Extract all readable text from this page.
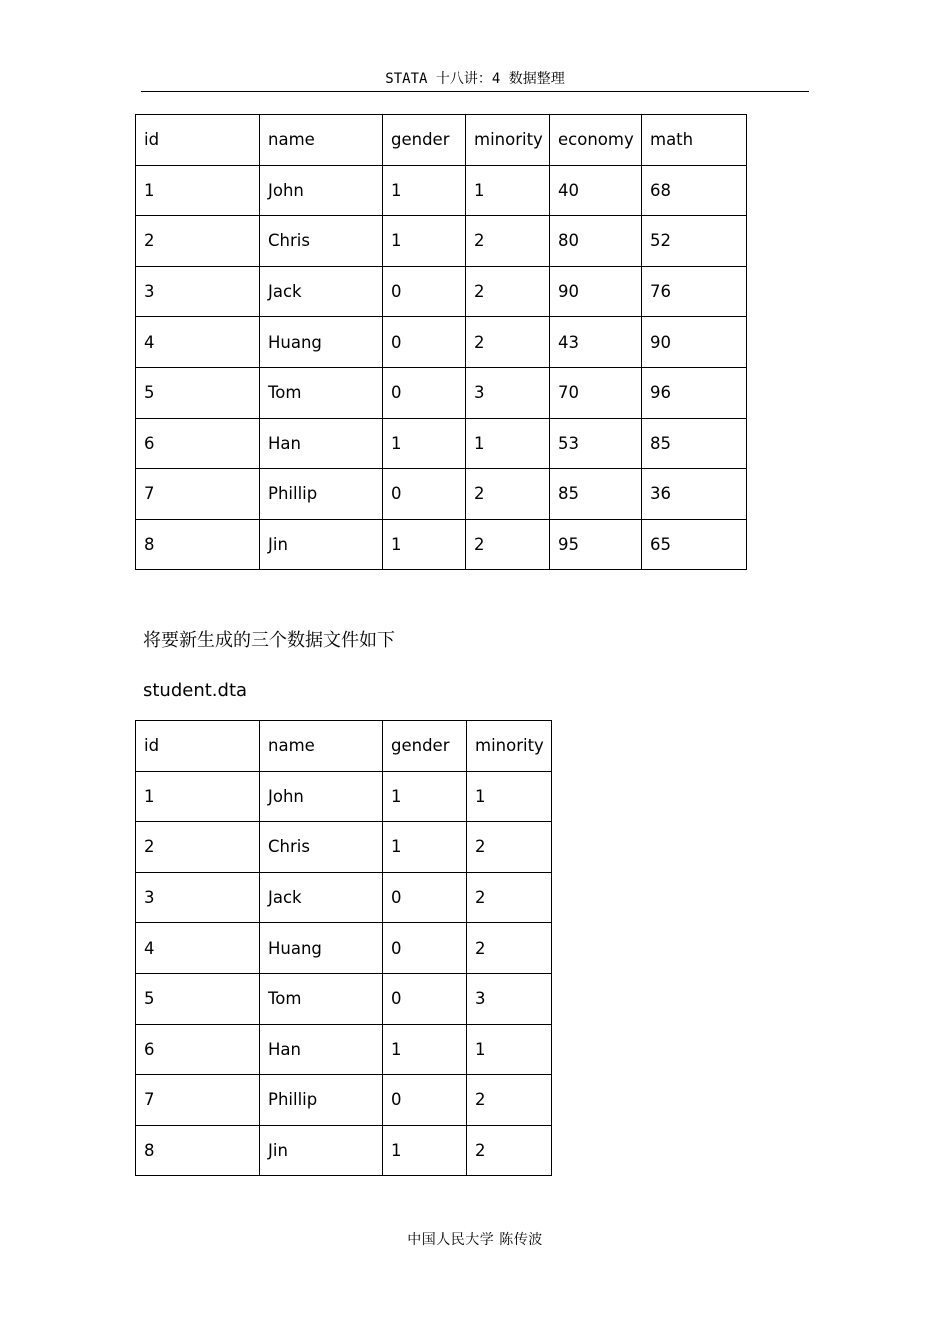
STATA 十八讲：4 数据整理
id	name	gender	minority	economy	math
1	John	1	1	40	68
2	Chris	1	2	80	52
3	Jack	0	2	90	76
4	Huang	0	2	43	90
5	Tom	0	3	70	96
6	Han	1	1	53	85
7	Phillip	0	2	85	36
8	Jin	1	2	95	65
将要新生成的三个数据文件如下
student.dta
id	name	gender	minority
1	John	1	1
2	Chris	1	2
3	Jack	0	2
4	Huang	0	2
5	Tom	0	3
6	Han	1	1
7	Phillip	0	2
8	Jin	1	2
中国人民大学 陈传波
